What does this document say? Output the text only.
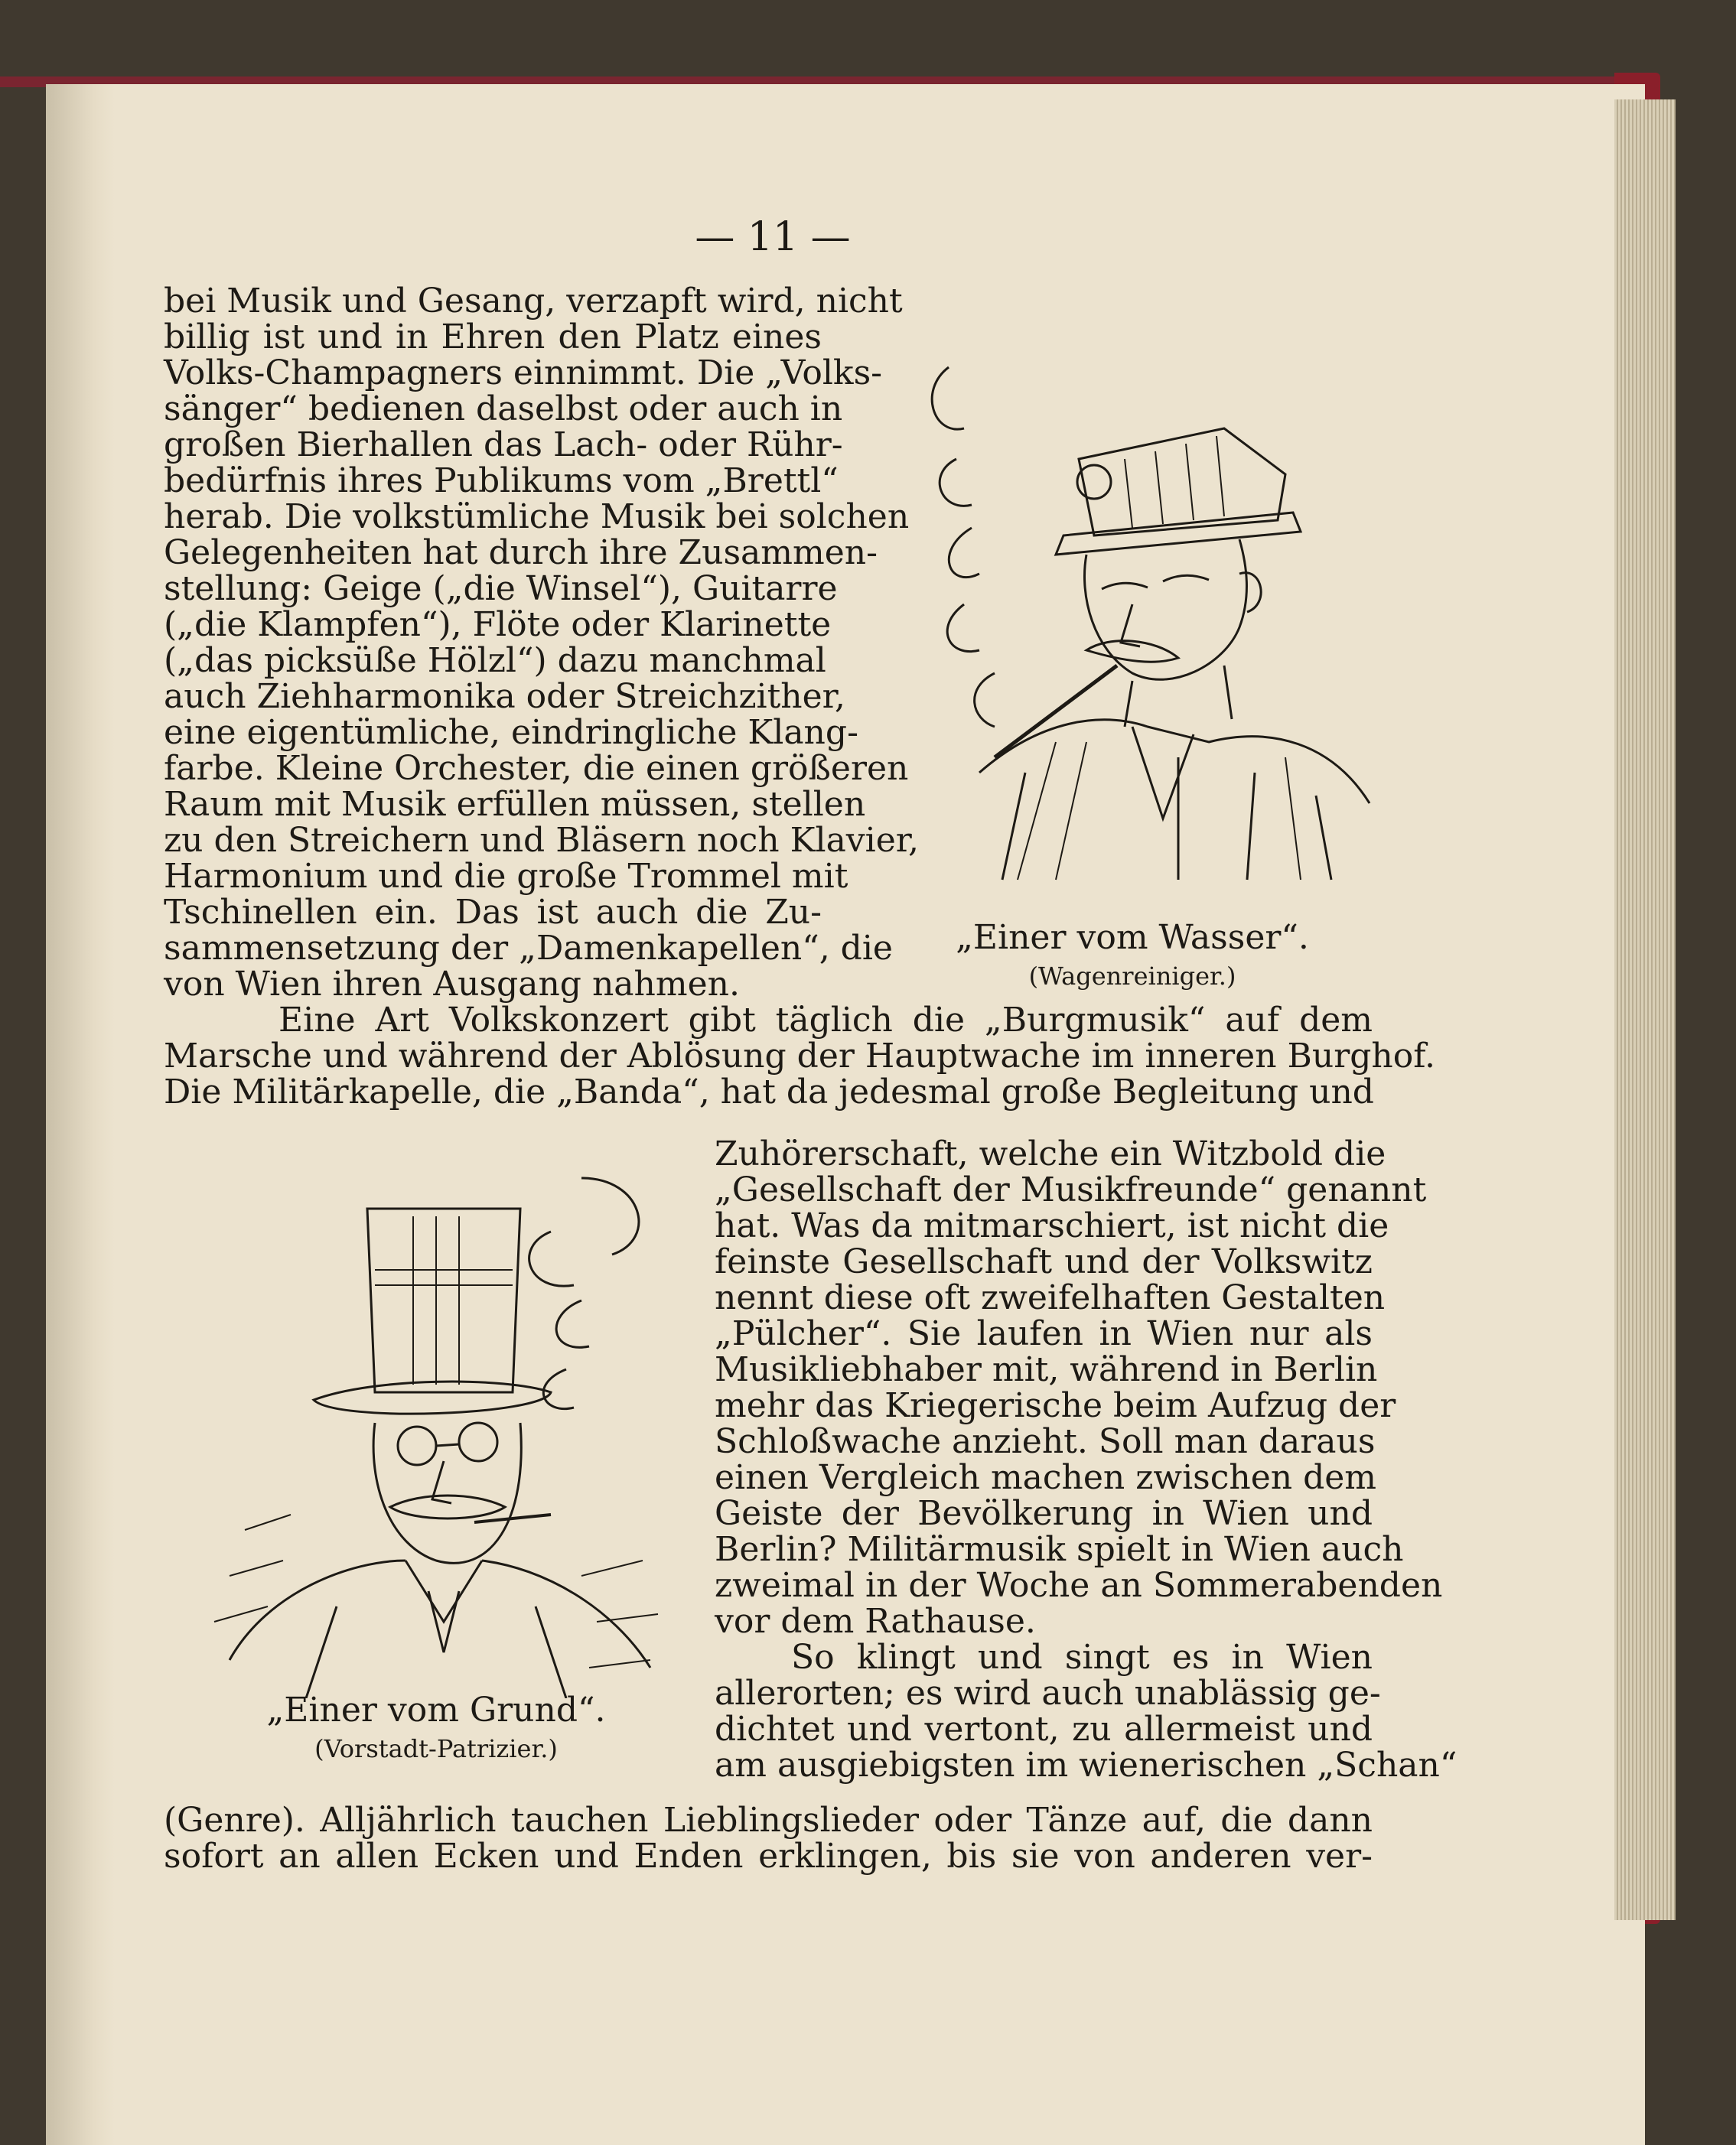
— 11 —
bei Musik und Gesang, verzapft wird, nicht
billig ist und in Ehren den Platz eines
Volks-Champagners einnimmt. Die „Volks-
sänger“ bedienen daselbst oder auch in
großen Bierhallen das Lach- oder Rühr-
bedürfnis ihres Publikums vom „Brettl“
herab. Die volkstümliche Musik bei solchen
Gelegenheiten hat durch ihre Zusammen-
stellung: Geige („die Winsel“), Guitarre
(„die Klampfen“), Flöte oder Klarinette
(„das picksüße Hölzl“) dazu manchmal
auch Ziehharmonika oder Streichzither,
eine eigentümliche, eindringliche Klang-
farbe. Kleine Orchester, die einen größeren
Raum mit Musik erfüllen müssen, stellen
zu den Streichern und Bläsern noch Klavier,
Harmonium und die große Trommel mit
Tschinellen ein. Das ist auch die Zu-
sammensetzung der „Damenkapellen“, die
von Wien ihren Ausgang nahmen.
Eine Art Volkskonzert gibt täglich die „Burgmusik“ auf dem
Marsche und während der Ablösung der Hauptwache im inneren Burghof.
Die Militärkapelle, die „Banda“, hat da jedesmal große Begleitung und
Zuhörerschaft, welche ein Witzbold die
„Gesellschaft der Musikfreunde“ genannt
hat. Was da mitmarschiert, ist nicht die
feinste Gesellschaft und der Volkswitz
nennt diese oft zweifelhaften Gestalten
„Pülcher“. Sie laufen in Wien nur als
Musikliebhaber mit, während in Berlin
mehr das Kriegerische beim Aufzug der
Schloßwache anzieht. Soll man daraus
einen Vergleich machen zwischen dem
Geiste der Bevölkerung in Wien und
Berlin? Militärmusik spielt in Wien auch
zweimal in der Woche an Sommerabenden
vor dem Rathause.
So klingt und singt es in Wien
allerorten; es wird auch unablässig ge-
dichtet und vertont, zu allermeist und
am ausgiebigsten im wienerischen „Schan“
(Genre). Alljährlich tauchen Lieblingslieder oder Tänze auf, die dann
sofort an allen Ecken und Enden erklingen, bis sie von anderen ver-
„Einer vom Wasser“.
(Wagenreiniger.)
„Einer vom Grund“.
(Vorstadt-Patrizier.)
